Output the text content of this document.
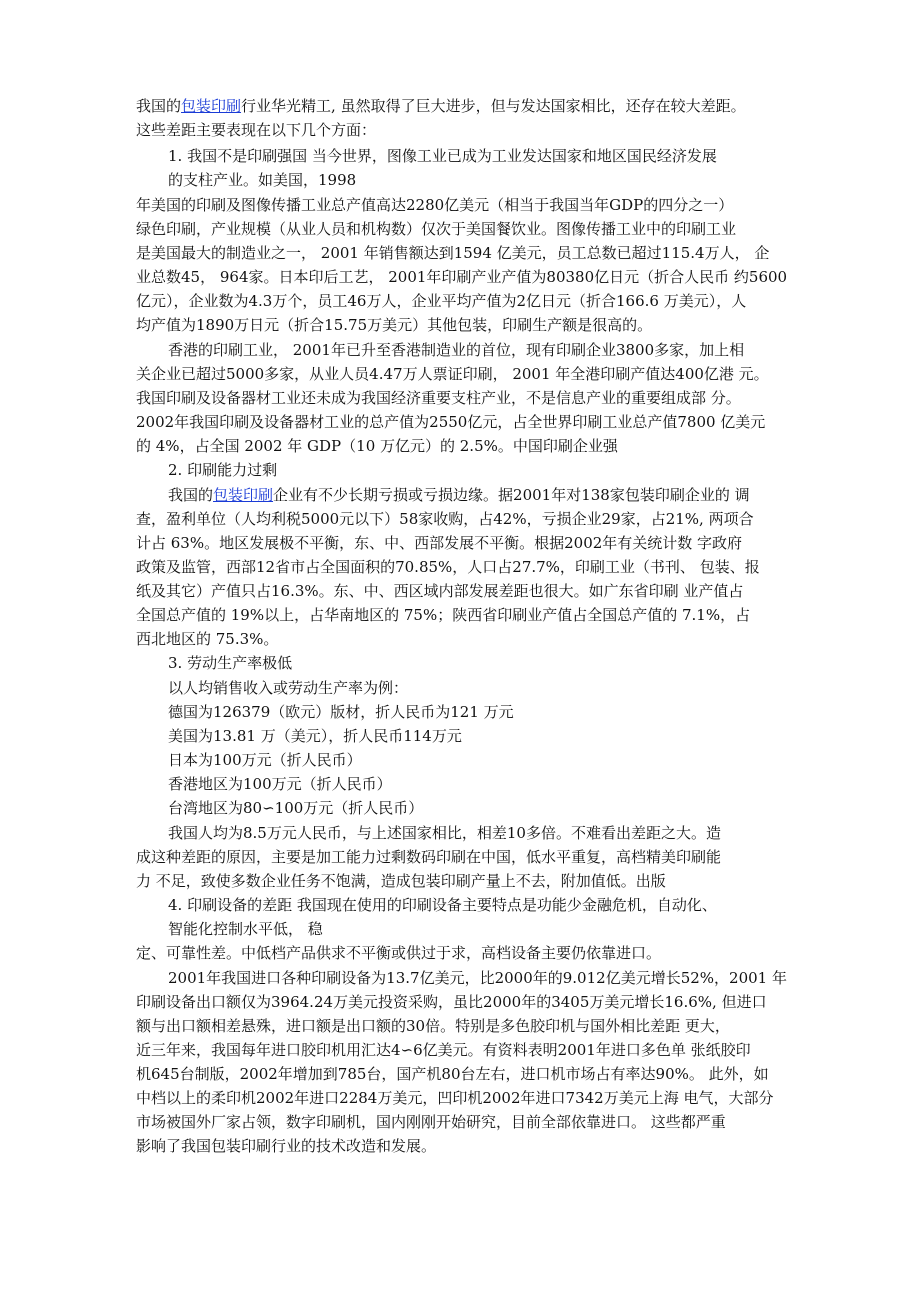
我国的包装印刷行业华光精工, 虽然取得了巨大进步，但与发达国家相比，还存在较大差距。
这些差距主要表现在以下几个方面：
1. 我国不是印刷强国 当今世界，图像工业已成为工业发达国家和地区国民经济发展
的支柱产业。如美国，1998
年美国的印刷及图像传播工业总产值高达2280亿美元（相当于我国当年GDP的四分之一）
绿色印刷，产业规模（从业人员和机构数）仅次于美国餐饮业。图像传播工业中的印刷工业
是美国最大的制造业之一， 2001 年销售额达到1594 亿美元，员工总数已超过115.4万人， 企
业总数45， 964家。日本印后工艺， 2001年印刷产业产值为80380亿日元（折合人民币 约5600
亿元），企业数为4.3万个，员工46万人，企业平均产值为2亿日元（折合166.6 万美元），人
均产值为1890万日元（折合15.75万美元）其他包装，印刷生产额是很高的。
香港的印刷工业， 2001年已升至香港制造业的首位，现有印刷企业3800多家，加上相
关企业已超过5000多家，从业人员4.47万人票证印刷， 2001 年全港印刷产值达400亿港 元。
我国印刷及设备器材工业还未成为我国经济重要支柱产业，不是信息产业的重要组成部 分。
2002年我国印刷及设备器材工业的总产值为2550亿元，占全世界印刷工业总产值7800 亿美元
的 4%，占全国 2002 年 GDP（10 万亿元）的 2.5%。中国印刷企业强
2. 印刷能力过剩
我国的包装印刷企业有不少长期亏损或亏损边缘。据2001年对138家包装印刷企业的 调
查，盈利单位（人均利税5000元以下）58家收购，占42%，亏损企业29家，占21%, 两项合
计占 63%。地区发展极不平衡，东、中、西部发展不平衡。根据2002年有关统计数 字政府
政策及监管，西部12省市占全国面积的70.85%，人口占27.7%，印刷工业（书刊、 包装、报
纸及其它）产值只占16.3%。东、中、西区域内部发展差距也很大。如广东省印刷 业产值占
全国总产值的 19%以上，占华南地区的 75%；陕西省印刷业产值占全国总产值的 7.1%，占
西北地区的 75.3%。
3. 劳动生产率极低
以人均销售收入或劳动生产率为例：
德国为126379（欧元）版材，折人民币为121 万元
美国为13.81 万（美元），折人民币114万元
日本为100万元（折人民币）
香港地区为100万元（折人民币）
台湾地区为80∽100万元（折人民币）
我国人均为8.5万元人民币，与上述国家相比，相差10多倍。不难看出差距之大。造
成这种差距的原因，主要是加工能力过剩数码印刷在中国，低水平重复，高档精美印刷能
力 不足，致使多数企业任务不饱满，造成包装印刷产量上不去，附加值低。出版
4. 印刷设备的差距 我国现在使用的印刷设备主要特点是功能少金融危机，自动化、
智能化控制水平低， 稳
定、可靠性差。中低档产品供求不平衡或供过于求，高档设备主要仍依靠进口。
2001年我国进口各种印刷设备为13.7亿美元，比2000年的9.012亿美元增长52%，2001 年
印刷设备出口额仅为3964.24万美元投资采购，虽比2000年的3405万美元增长16.6%, 但进口
额与出口额相差悬殊，进口额是出口额的30倍。特别是多色胶印机与国外相比差距 更大，
近三年来，我国每年进口胶印机用汇达4∽6亿美元。有资料表明2001年进口多色单 张纸胶印
机645台制版，2002年增加到785台，国产机80台左右，进口机市场占有率达90%。 此外，如
中档以上的柔印机2002年进口2284万美元，凹印机2002年进口7342万美元上海 电气，大部分
市场被国外厂家占领，数字印刷机，国内刚刚开始研究，目前全部依靠进口。 这些都严重
影响了我国包装印刷行业的技术改造和发展。
